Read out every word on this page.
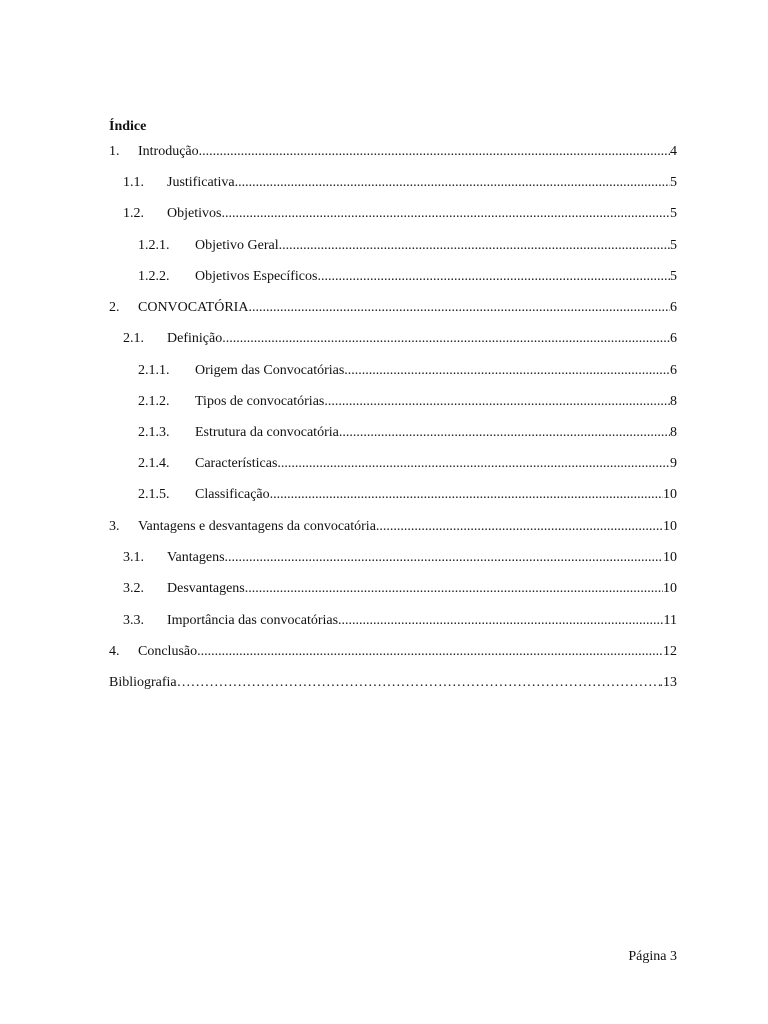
Índice
1.	Introdução .....	4
1.1.	Justificativa .....	5
1.2.	Objetivos .....	5
1.2.1.	Objetivo Geral .....	5
1.2.2.	Objetivos Específicos .....	5
2.	CONVOCATÓRIA .....	6
2.1.	Definição .....	6
2.1.1.	Origem das Convocatórias .....	6
2.1.2.	Tipos de convocatórias .....	8
2.1.3.	Estrutura da convocatória .....	8
2.1.4.	Características .....	9
2.1.5.	Classificação .....	10
3.	Vantagens e desvantagens da convocatória .....	10
3.1.	Vantagens .....	10
3.2.	Desvantagens .....	10
3.3.	Importância das convocatórias .....	11
4.	Conclusão .....	12
Bibliografia ……………………………………………………………………………………………………………………………………………………………………………………………………	.13
Página 3
